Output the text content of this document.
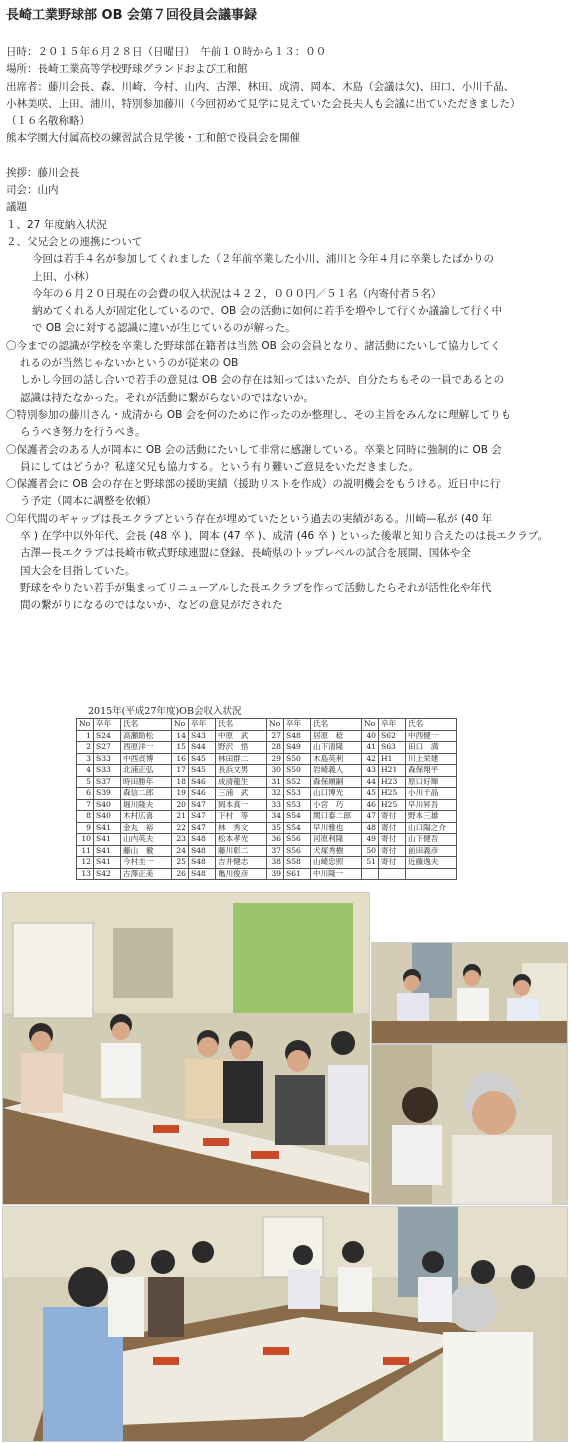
長崎工業野球部 OB 会第７回役員会議事録

日時：２０１５年６月２８日（日曜日）　午前１０時から１３：００

場所：長崎工業高等学校野球グランドおよび工和館

出席者：藤川会長、森、川崎、今村、山内、古澤、林田、成清、岡本、木島（会議は欠)、田口、小川千晶、

小林美咲、上田、浦川、特別参加藤川（今回初めて見学に見えていた会長夫人も会議に出ていただきました）

（１６名敬称略）

熊本学園大付属高校の練習試合見学後・工和館で役員会を開催

挨拶：藤川会長

司会：山内

議題

１、27 年度納入状況

２、父兄会との連携について

今回は若手４名が参加してくれました（２年前卒業した小川、浦川と今年４月に卒業したばかりの

上田、小林）

今年の６月２０日現在の会費の収入状況は４２２，０００円／５１名（内寄付者５名）

納めてくれる人が固定化しているので、OB 会の活動に如何に若手を増やして行くか議論して行く中

で OB 会に対する認識に違いが生じているのが解った。

〇今までの認識が学校を卒業した野球部在籍者は当然 OB 会の会員となり、諸活動にたいして協力してく

れるのが当然じゃないかというのが従来の OB

しかし今回の話し合いで若手の意見は OB 会の存在は知ってはいたが、自分たちもその一員であるとの

認識は持たなかった。それが活動に繋がらないのではないか。

〇特別参加の藤川さん・成清から OB 会を何のために作ったのか整理し、その主旨をみんなに理解してりも

らうべき努力を行うべき。

〇保護者会のある人が岡本に OB 会の活動にたいして非常に感謝している。卒業と同時に強制的に OB 会

員にしてはどうか？私達父兄も協力する。という有り難いご意見をいただきました。

〇保護者会に OB 会の存在と野球部の援助実績（援助リストを作成）の説明機会をもうける。近日中に行

う予定（岡本に調整を依頼）

〇年代間のギャップは長エクラブという存在が埋めていたという過去の実績がある。川崎—私が (40 年

卒 ) 在学中以外年代、会長 (48 卒 )、岡本 (47 卒 )、成清 (46 卒 ) といった後輩と知り合えたのは長エクラブ。

古澤—長エクラブは長崎市軟式野球連盟に登録、長崎県のトップレベルの試合を展開、国体や全

国大会を目指していた。

野球をやりたい若手が集まってリニューアルした長エクラブを作って活動したらそれが活性化や年代

間の繋がりになるのではないか、などの意見がだされた

2015年(平成27年度)OB会収入状況
No	卒年	氏名	No	卒年	氏名	No	卒年	氏名	No	卒年	氏名
1	S24	高瀬助松	14	S43	中原　武	27	S48	居原　稔	40	S62	中西健一
2	S27	西原洋一	15	S44	野沢　悟	28	S49	山下清隆	41	S63	田口　満
3	S33	中西貞博	16	S45	林田群二	29	S50	木島英利	42	H1	川上栄建
4	S33	北浦正弘	17	S45	長浜文男	30	S50	岩崎義人	43	H21	森保翔平
5	S37	時田勝年	18	S46	成清龍生	31	S52	森保順嗣	44	H23	原口好輝
6	S39	森信二郎	19	S46	三浦　武	32	S53	山口博光	45	H25	小川千晶
7	S40	堀川隆夫	20	S47	岡本真一	33	S53	小宮　巧	46	H25	早川昇吾
8	S40	木村広喜	21	S47	下村　等	34	S54	関口泰二郎	47	寄付	野本三雄
9	S41	金丸　裕	22	S47	林　秀文	35	S54	早川雅也	48	寄付	山口陽之介
10	S41	山内英夫	23	S48	松本孝光	36	S56	河原利隆	49	寄付	山下健吾
11	S41	藤山　徹	24	S48	藤川彰二	37	S56	犬塚秀樹	50	寄付	前田義彦
12	S41	今村圭一	25	S48	吉井健志	38	S58	山崎忠照	51	寄付	近藤逸夫
13	S42	古澤正美	26	S48	亀川俊彦	39	S61	中川隆一			
